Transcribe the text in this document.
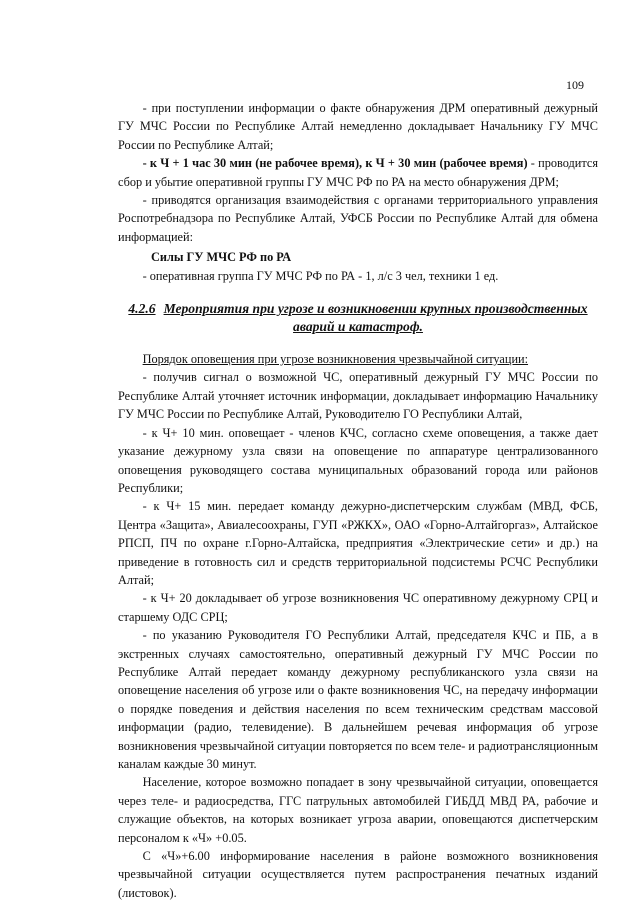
109

- при поступлении информации о факте обнаружения ДРМ оперативный дежурный ГУ МЧС России по Республике Алтай немедленно докладывает Начальнику ГУ МЧС России по Республике Алтай;

- к Ч + 1 час 30 мин (не рабочее время), к Ч + 30 мин (рабочее время) - проводится сбор и убытие оперативной группы ГУ МЧС РФ по РА на место обнаружения ДРМ;

- приводятся организация взаимодействия с органами территориального управления Роспотребнадзора по Республике Алтай, УФСБ России по Республике Алтай для обмена информацией:

Силы ГУ МЧС РФ по РА

- оперативная группа ГУ МЧС РФ по РА - 1, л/с 3 чел, техники 1 ед.

4.2.6 Мероприятия при угрозе и возникновении крупных производственных аварий и катастроф.

Порядок оповещения при угрозе возникновения чрезвычайной ситуации:

- получив сигнал о возможной ЧС, оперативный дежурный ГУ МЧС России по Республике Алтай уточняет источник информации, докладывает информацию Начальнику ГУ МЧС России по Республике Алтай, Руководителю ГО Республики Алтай,

- к Ч+ 10 мин. оповещает - членов КЧС, согласно схеме оповещения, а также дает указание дежурному узла связи на оповещение по аппаратуре централизованного оповещения руководящего состава муниципальных образований города или районов Республики;

- к Ч+ 15 мин. передает команду дежурно-диспетчерским службам (МВД, ФСБ, Центра «Защита», Авиалесоохраны, ГУП «РЖКХ», ОАО «Горно-Алтайгоргаз», Алтайское РПСП, ПЧ по охране г.Горно-Алтайска, предприятия «Электрические сети» и др.) на приведение в готовность сил и средств территориальной подсистемы РСЧС Республики Алтай;

- к Ч+ 20 докладывает об угрозе возникновения ЧС оперативному дежурному СРЦ и старшему ОДС СРЦ;

- по указанию Руководителя ГО Республики Алтай, председателя КЧС и ПБ, а в экстренных случаях самостоятельно, оперативный дежурный ГУ МЧС России по Республике Алтай передает команду дежурному республиканского узла связи на оповещение населения об угрозе или о факте возникновения ЧС, на передачу информации о порядке поведения и действия населения по всем техническим средствам массовой информации (радио, телевидение). В дальнейшем речевая информация об угрозе возникновения чрезвычайной ситуации повторяется по всем теле- и радиотрансляционным каналам каждые 30 минут.

Население, которое возможно попадает в зону чрезвычайной ситуации, оповещается через теле- и радиосредства, ГГС патрульных автомобилей ГИБДД МВД РА, рабочие и служащие объектов, на которых возникает угроза аварии, оповещаются диспетчерским персоналом к «Ч» +0.05.

С «Ч»+6.00 информирование населения в районе возможного возникновения чрезвычайной ситуации осуществляется путем распространения печатных изданий (листовок).
